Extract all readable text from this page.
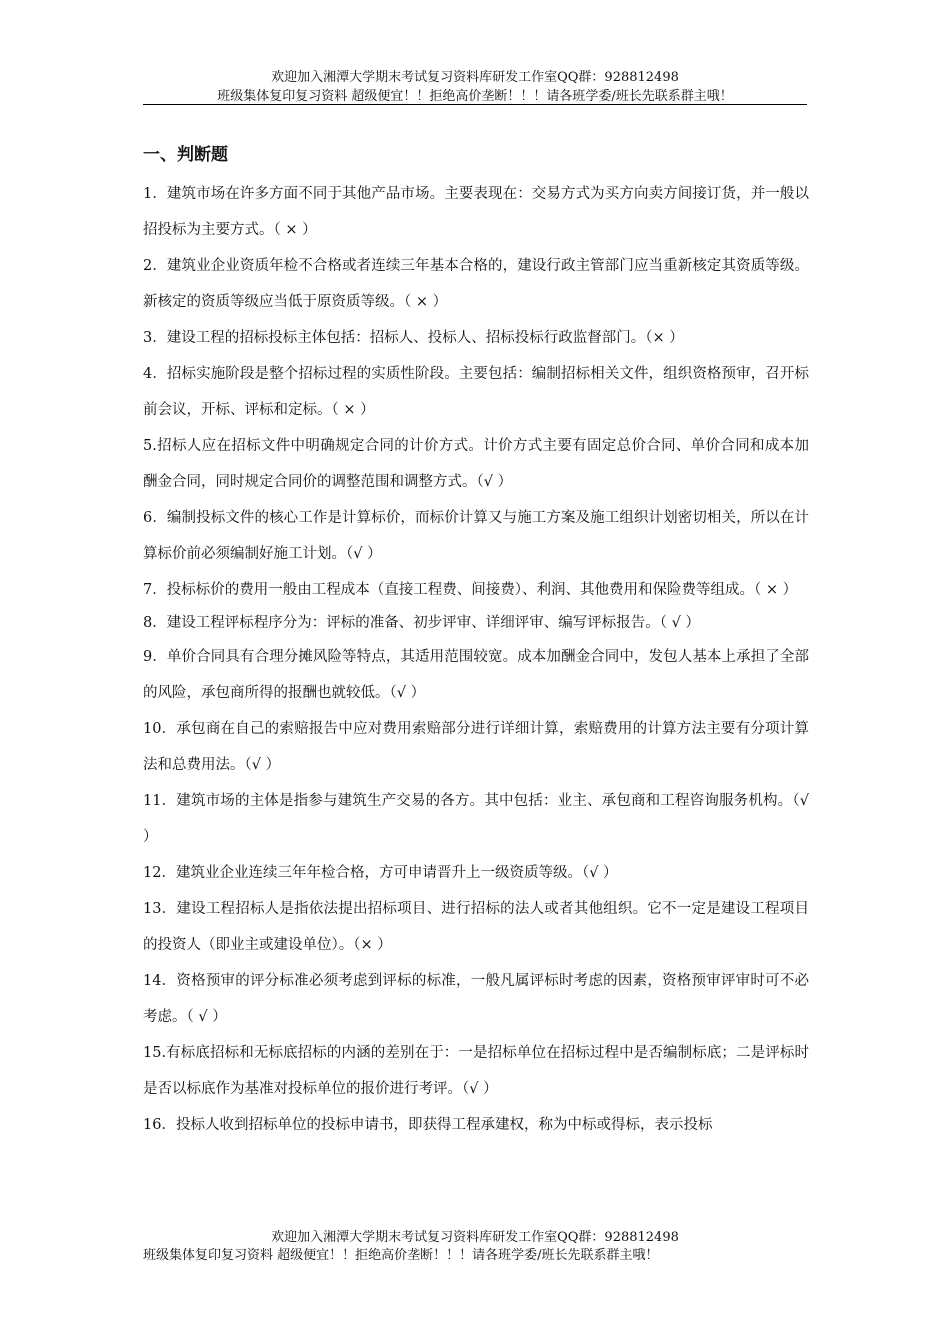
欢迎加入湘潭大学期末考试复习资料库研发工作室QQ群：928812498
班级集体复印复习资料 超级便宜！！拒绝高价垄断！！！请各班学委/班长先联系群主哦！
一、判断题
1．建筑市场在许多方面不同于其他产品市场。主要表现在：交易方式为买方向卖方间接订货，并一般以招投标为主要方式。（ × ）
2．建筑业企业资质年检不合格或者连续三年基本合格的，建设行政主管部门应当重新核定其资质等级。新核定的资质等级应当低于原资质等级。（ × ）
3．建设工程的招标投标主体包括：招标人、投标人、招标投标行政监督部门。（× ）
4．招标实施阶段是整个招标过程的实质性阶段。主要包括：编制招标相关文件，组织资格预审，召开标前会议，开标、评标和定标。（ × ）
5.招标人应在招标文件中明确规定合同的计价方式。计价方式主要有固定总价合同、单价合同和成本加酬金合同，同时规定合同价的调整范围和调整方式。（√ ）
6．编制投标文件的核心工作是计算标价，而标价计算又与施工方案及施工组织计划密切相关，所以在计算标价前必须编制好施工计划。（√ ）
7．投标标价的费用一般由工程成本（直接工程费、间接费）、利润、其他费用和保险费等组成。（ × ）
8．建设工程评标程序分为：评标的准备、初步评审、详细评审、编写评标报告。（ √ ）
9．单价合同具有合理分摊风险等特点，其适用范围较宽。成本加酬金合同中，发包人基本上承担了全部的风险，承包商所得的报酬也就较低。（√ ）
10．承包商在自己的索赔报告中应对费用索赔部分进行详细计算，索赔费用的计算方法主要有分项计算法和总费用法。（√ ）
11．建筑市场的主体是指参与建筑生产交易的各方。其中包括：业主、承包商和工程咨询服务机构。（√ ）
12．建筑业企业连续三年年检合格，方可申请晋升上一级资质等级。（√ ）
13．建设工程招标人是指依法提出招标项目、进行招标的法人或者其他组织。它不一定是建设工程项目的投资人（即业主或建设单位）。（× ）
14．资格预审的评分标准必须考虑到评标的标准，一般凡属评标时考虑的因素，资格预审评审时可不必考虑。（ √ ）
15.有标底招标和无标底招标的内涵的差别在于：一是招标单位在招标过程中是否编制标底；二是评标时是否以标底作为基准对投标单位的报价进行考评。（√ ）
16．投标人收到招标单位的投标申请书，即获得工程承建权，称为中标或得标，表示投标
欢迎加入湘潭大学期末考试复习资料库研发工作室QQ群：928812498
班级集体复印复习资料 超级便宜！！拒绝高价垄断！！！请各班学委/班长先联系群主哦！
